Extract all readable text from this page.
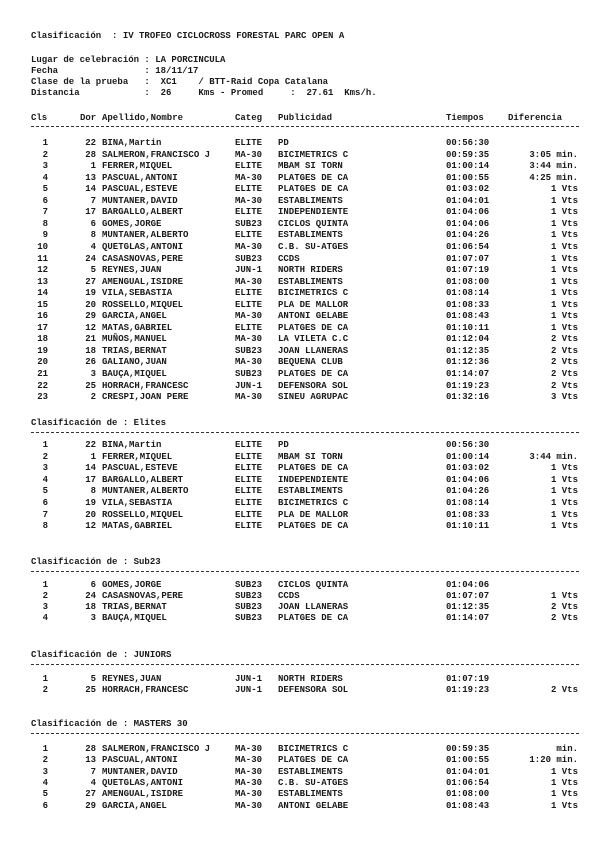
Clasificación  : IV TROFEO CICLOCROSS FORESTAL PARC OPEN A
Lugar de celebración : LA PORCINCULA
Fecha                : 18/11/17
Clase de la prueba   :  XC1    / BTT-Raid Copa Catalana
Distancia            :  26     Kms - Promed     :  27.61  Kms/h.
Cls	Dor Apellido,Nombre	Categ Publicidad	Tiempos	Diferencia
1	22 BINA,Martin	ELITE PD	00:56:30
2	28 SALMERON,FRANCISCO J	MA-30 BICIMETRICS C	00:59:35	3:05 min.
3	1 FERRER,MIQUEL	ELITE MBAM SI TORN	01:00:14	3:44 min.
4	13 PASCUAL,ANTONI	MA-30 PLATGES DE CA	01:00:55	4:25 min.
5	14 PASCUAL,ESTEVE	ELITE PLATGES DE CA	01:03:02	1 Vts
6	7 MUNTANER,DAVID	MA-30 ESTABLIMENTS	01:04:01	1 Vts
7	17 BARGALLO,ALBERT	ELITE INDEPENDIENTE	01:04:06	1 Vts
8	6 GOMES,JORGE	SUB23 CICLOS QUINTA	01:04:06	1 Vts
9	8 MUNTANER,ALBERTO	ELITE ESTABLIMENTS	01:04:26	1 Vts
10	4 QUETGLAS,ANTONI	MA-30 C.B. SU-ATGES	01:06:54	1 Vts
11	24 CASASNOVAS,PERE	SUB23 CCDS	01:07:07	1 Vts
12	5 REYNES,JUAN	JUN-1 NORTH RIDERS	01:07:19	1 Vts
13	27 AMENGUAL,ISIDRE	MA-30 ESTABLIMENTS	01:08:00	1 Vts
14	19 VILA,SEBASTIA	ELITE BICIMETRICS C	01:08:14	1 Vts
15	20 ROSSELLO,MIQUEL	ELITE PLA DE MALLOR	01:08:33	1 Vts
16	29 GARCIA,ANGEL	MA-30 ANTONI GELABE	01:08:43	1 Vts
17	12 MATAS,GABRIEL	ELITE PLATGES DE CA	01:10:11	1 Vts
18	21 MUÑOS,MANUEL	MA-30 LA VILETA C.C	01:12:04	2 Vts
19	18 TRIAS,BERNAT	SUB23 JOAN LLANERAS	01:12:35	2 Vts
20	26 GALIANO,JUAN	MA-30 BEQUENA CLUB	01:12:36	2 Vts
21	3 BAUÇA,MIQUEL	SUB23 PLATGES DE CA	01:14:07	2 Vts
22	25 HORRACH,FRANCESC	JUN-1 DEFENSORA SOL	01:19:23	2 Vts
23	2 CRESPI,JOAN PERE	MA-30 SINEU AGRUPAC	01:32:16	3 Vts
Clasificación de : Elites
1	22 BINA,Martin	ELITE PD	00:56:30
2	1 FERRER,MIQUEL	ELITE MBAM SI TORN	01:00:14	3:44 min.
3	14 PASCUAL,ESTEVE	ELITE PLATGES DE CA	01:03:02	1 Vts
4	17 BARGALLO,ALBERT	ELITE INDEPENDIENTE	01:04:06	1 Vts
5	8 MUNTANER,ALBERTO	ELITE ESTABLIMENTS	01:04:26	1 Vts
6	19 VILA,SEBASTIA	ELITE BICIMETRICS C	01:08:14	1 Vts
7	20 ROSSELLO,MIQUEL	ELITE PLA DE MALLOR	01:08:33	1 Vts
8	12 MATAS,GABRIEL	ELITE PLATGES DE CA	01:10:11	1 Vts
Clasificación de : Sub23
1	6 GOMES,JORGE	SUB23 CICLOS QUINTA	01:04:06
2	24 CASASNOVAS,PERE	SUB23 CCDS	01:07:07	1 Vts
3	18 TRIAS,BERNAT	SUB23 JOAN LLANERAS	01:12:35	2 Vts
4	3 BAUÇA,MIQUEL	SUB23 PLATGES DE CA	01:14:07	2 Vts
Clasificación de : JUNIORS
1	5 REYNES,JUAN	JUN-1 NORTH RIDERS	01:07:19
2	25 HORRACH,FRANCESC	JUN-1 DEFENSORA SOL	01:19:23	2 Vts
Clasificación de : MASTERS 30
1	28 SALMERON,FRANCISCO J	MA-30 BICIMETRICS C	00:59:35	min.
2	13 PASCUAL,ANTONI	MA-30 PLATGES DE CA	01:00:55	1:20 min.
3	7 MUNTANER,DAVID	MA-30 ESTABLIMENTS	01:04:01	1 Vts
4	4 QUETGLAS,ANTONI	MA-30 C.B. SU-ATGES	01:06:54	1 Vts
5	27 AMENGUAL,ISIDRE	MA-30 ESTABLIMENTS	01:08:00	1 Vts
6	29 GARCIA,ANGEL	MA-30 ANTONI GELABE	01:08:43	1 Vts
